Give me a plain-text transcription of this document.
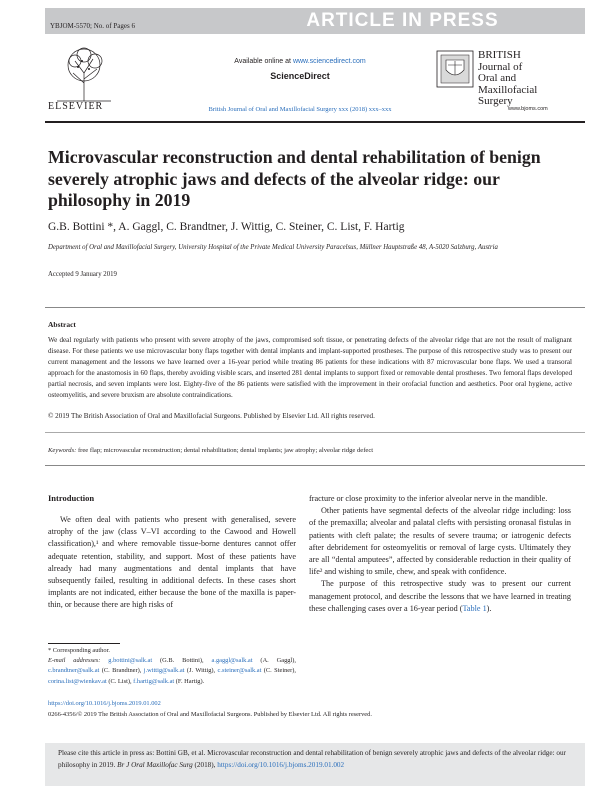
ARTICLE IN PRESS
YBJOM-5570; No. of Pages 6
ELSEVIER
Available online at www.sciencedirect.com
ScienceDirect
British Journal of Oral and Maxillofacial Surgery xxx (2018) xxx–xxx
BRITISH
Journal of
Oral and
Maxillofacial
Surgery
www.bjoms.com
Microvascular reconstruction and dental rehabilitation of benign severely atrophic jaws and defects of the alveolar ridge: our philosophy in 2019
G.B. Bottini *, A. Gaggl, C. Brandtner, J. Wittig, C. Steiner, C. List, F. Hartig
Department of Oral and Maxillofacial Surgery, University Hospital of the Private Medical University Paracelsus, Müllner Hauptstraße 48, A-5020 Salzburg, Austria
Accepted 9 January 2019
Abstract
We deal regularly with patients who present with severe atrophy of the jaws, compromised soft tissue, or penetrating defects of the alveolar ridge that are not the result of malignant disease. For these patients we use microvascular bony flaps together with dental implants and implant-supported prostheses. The purpose of this retrospective study was to present our current management and the lessons we have learned over a 16-year period while treating 86 patients for these indications with 87 microvascular bone flaps. We used a transoral approach for the anastomosis in 60 flaps, thereby avoiding visible scars, and inserted 281 dental implants to support fixed or removable dental prostheses. Two femoral flaps developed partial necrosis, and seven implants were lost. Eighty-five of the 86 patients were satisfied with the improvement in their orofacial function and aesthetics. Poor oral hygiene, active osteomyelitis, and severe bruxism are absolute contraindications.
© 2019 The British Association of Oral and Maxillofacial Surgeons. Published by Elsevier Ltd. All rights reserved.
Keywords: free flap; microvascular reconstruction; dental rehabilitation; dental implants; jaw atrophy; alveolar ridge defect
Introduction
We often deal with patients who present with generalised, severe atrophy of the jaw (class V–VI according to the Cawood and Howell classification),¹ and where removable tissue-borne dentures cannot offer adequate retention, stability, and support. Most of these patients have already had many augmentations and dental implants that have subsequently failed, resulting in additional defects. In these cases short implants are not indicated, either because the bone of the maxilla is paper-thin, or because there are high risks of

fracture or close proximity to the inferior alveolar nerve in the mandible.

Other patients have segmental defects of the alveolar ridge including: loss of the premaxilla; alveolar and palatal clefts with persisting oronasal fistulas in patients with cleft palate; the results of severe trauma; or iatrogenic defects after debridement for osteomyelitis or removal of large cysts. Ultimately they are all “dental amputees”, affected by considerable reduction in their quality of life² and wishing to smile, chew, and speak with confidence.

The purpose of this retrospective study was to present our current management protocol, and describe the lessons that we have learned in treating these challenging cases over a 16-year period (Table 1).

* Corresponding author.
E-mail addresses: g.bottini@salk.at (G.B. Bottini), a.gaggl@salk.at (A. Gaggl), c.brandtner@salk.at (C. Brandtner), j.wittig@salk.at (J. Wittig), c.steiner@salk.at (C. Steiner), corina.list@wienkav.at (C. List), f.hartig@salk.at (F. Hartig).
https://doi.org/10.1016/j.bjoms.2019.01.002
0266-4356/© 2019 The British Association of Oral and Maxillofacial Surgeons. Published by Elsevier Ltd. All rights reserved.
Please cite this article in press as: Bottini GB, et al. Microvascular reconstruction and dental rehabilitation of benign severely atrophic jaws and defects of the alveolar ridge: our philosophy in 2019. Br J Oral Maxillofac Surg (2018), https://doi.org/10.1016/j.bjoms.2019.01.002
